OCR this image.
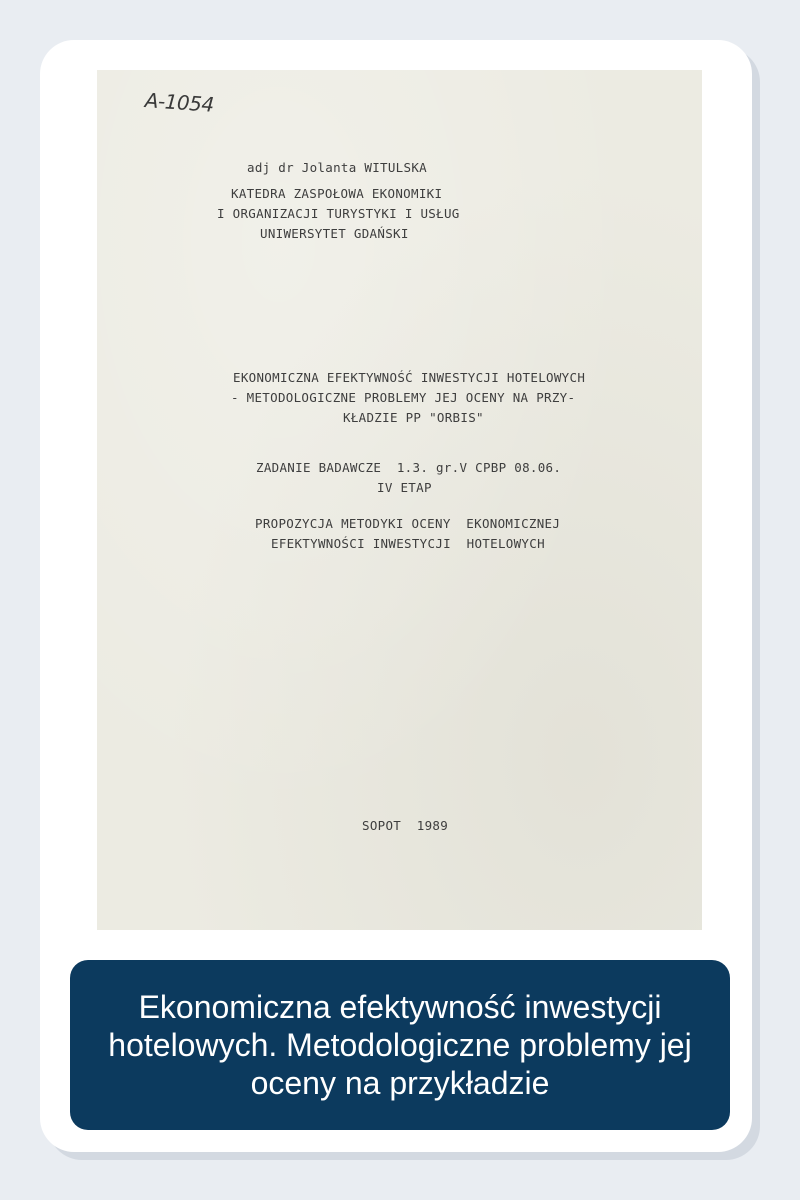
A-1054
adj dr Jolanta WITULSKA
KATEDRA ZASPOŁOWA EKONOMIKI
I ORGANIZACJI TURYSTYKI I USŁUG
UNIWERSYTET GDAŃSKI
EKONOMICZNA EFEKTYWNOŚĆ INWESTYCJI HOTELOWYCH
- METODOLOGICZNE PROBLEMY JEJ OCENY NA PRZY-
KŁADZIE PP "ORBIS"
ZADANIE BADAWCZE  1.3. gr.V CPBP 08.06.
IV ETAP
PROPOZYCJA METODYKI OCENY  EKONOMICZNEJ
EFEKTYWNOŚCI INWESTYCJI  HOTELOWYCH
SOPOT  1989
Ekonomiczna efektywność inwestycji hotelowych. Metodologiczne problemy jej oceny na przykładzie
